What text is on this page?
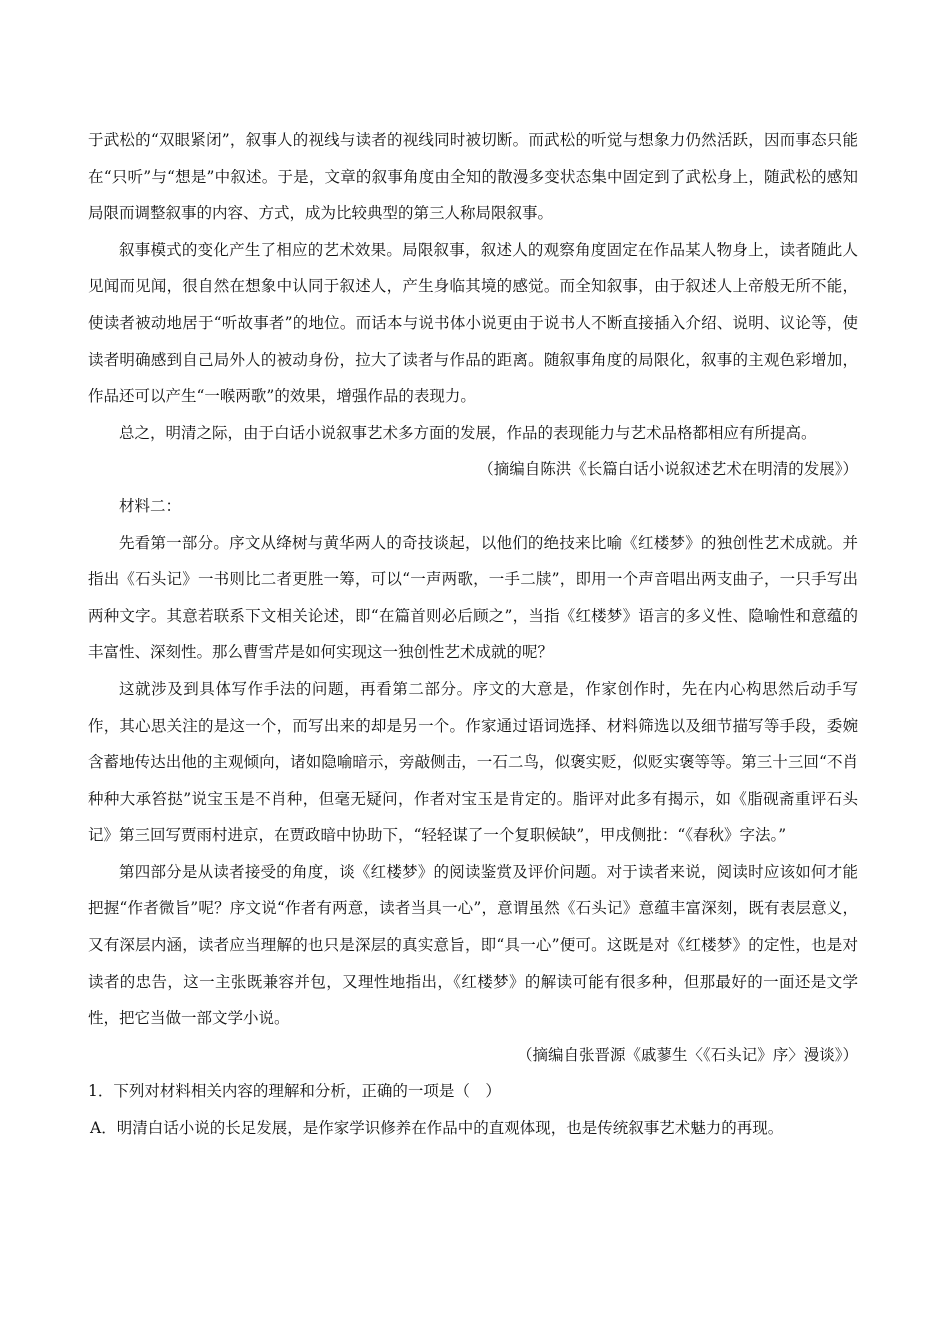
于武松的“双眼紧闭”，叙事人的视线与读者的视线同时被切断。而武松的听觉与想象力仍然活跃，因而事态只能在“只听”与“想是”中叙述。于是，文章的叙事角度由全知的散漫多变状态集中固定到了武松身上，随武松的感知局限而调整叙事的内容、方式，成为比较典型的第三人称局限叙事。

叙事模式的变化产生了相应的艺术效果。局限叙事，叙述人的观察角度固定在作品某人物身上，读者随此人见闻而见闻，很自然在想象中认同于叙述人，产生身临其境的感觉。而全知叙事，由于叙述人上帝般无所不能，使读者被动地居于“听故事者”的地位。而话本与说书体小说更由于说书人不断直接插入介绍、说明、议论等，使读者明确感到自己局外人的被动身份，拉大了读者与作品的距离。随叙事角度的局限化，叙事的主观色彩增加，作品还可以产生“一喉两歌”的效果，增强作品的表现力。

总之，明清之际，由于白话小说叙事艺术多方面的发展，作品的表现能力与艺术品格都相应有所提高。

（摘编自陈洪《长篇白话小说叙述艺术在明清的发展》）

材料二：

先看第一部分。序文从绛树与黄华两人的奇技谈起，以他们的绝技来比喻《红楼梦》的独创性艺术成就。并指出《石头记》一书则比二者更胜一筹，可以“一声两歌，一手二牍”，即用一个声音唱出两支曲子，一只手写出两种文字。其意若联系下文相关论述，即“在篇首则必后顾之”，当指《红楼梦》语言的多义性、隐喻性和意蕴的丰富性、深刻性。那么曹雪芹是如何实现这一独创性艺术成就的呢？

这就涉及到具体写作手法的问题，再看第二部分。序文的大意是，作家创作时，先在内心构思然后动手写作，其心思关注的是这一个，而写出来的却是另一个。作家通过语词选择、材料筛选以及细节描写等手段，委婉含蓄地传达出他的主观倾向，诸如隐喻暗示，旁敲侧击，一石二鸟，似褒实贬，似贬实褒等等。第三十三回“不肖种种大承笞挞”说宝玉是不肖种，但毫无疑问，作者对宝玉是肯定的。脂评对此多有揭示，如《脂砚斋重评石头记》第三回写贾雨村进京，在贾政暗中协助下，“轻轻谋了一个复职候缺”，甲戌侧批：“《春秋》字法。”

第四部分是从读者接受的角度，谈《红楼梦》的阅读鉴赏及评价问题。对于读者来说，阅读时应该如何才能把握“作者微旨”呢？序文说“作者有两意，读者当具一心”，意谓虽然《石头记》意蕴丰富深刻，既有表层意义，又有深层内涵，读者应当理解的也只是深层的真实意旨，即“具一心”便可。这既是对《红楼梦》的定性，也是对读者的忠告，这一主张既兼容并包，又理性地指出，《红楼梦》的解读可能有很多种，但那最好的一面还是文学性，把它当做一部文学小说。

（摘编自张晋源《戚蓼生〈《石头记》序〉漫谈》）

1．下列对材料相关内容的理解和分析，正确的一项是（　）

A．明清白话小说的长足发展，是作家学识修养在作品中的直观体现，也是传统叙事艺术魅力的再现。
